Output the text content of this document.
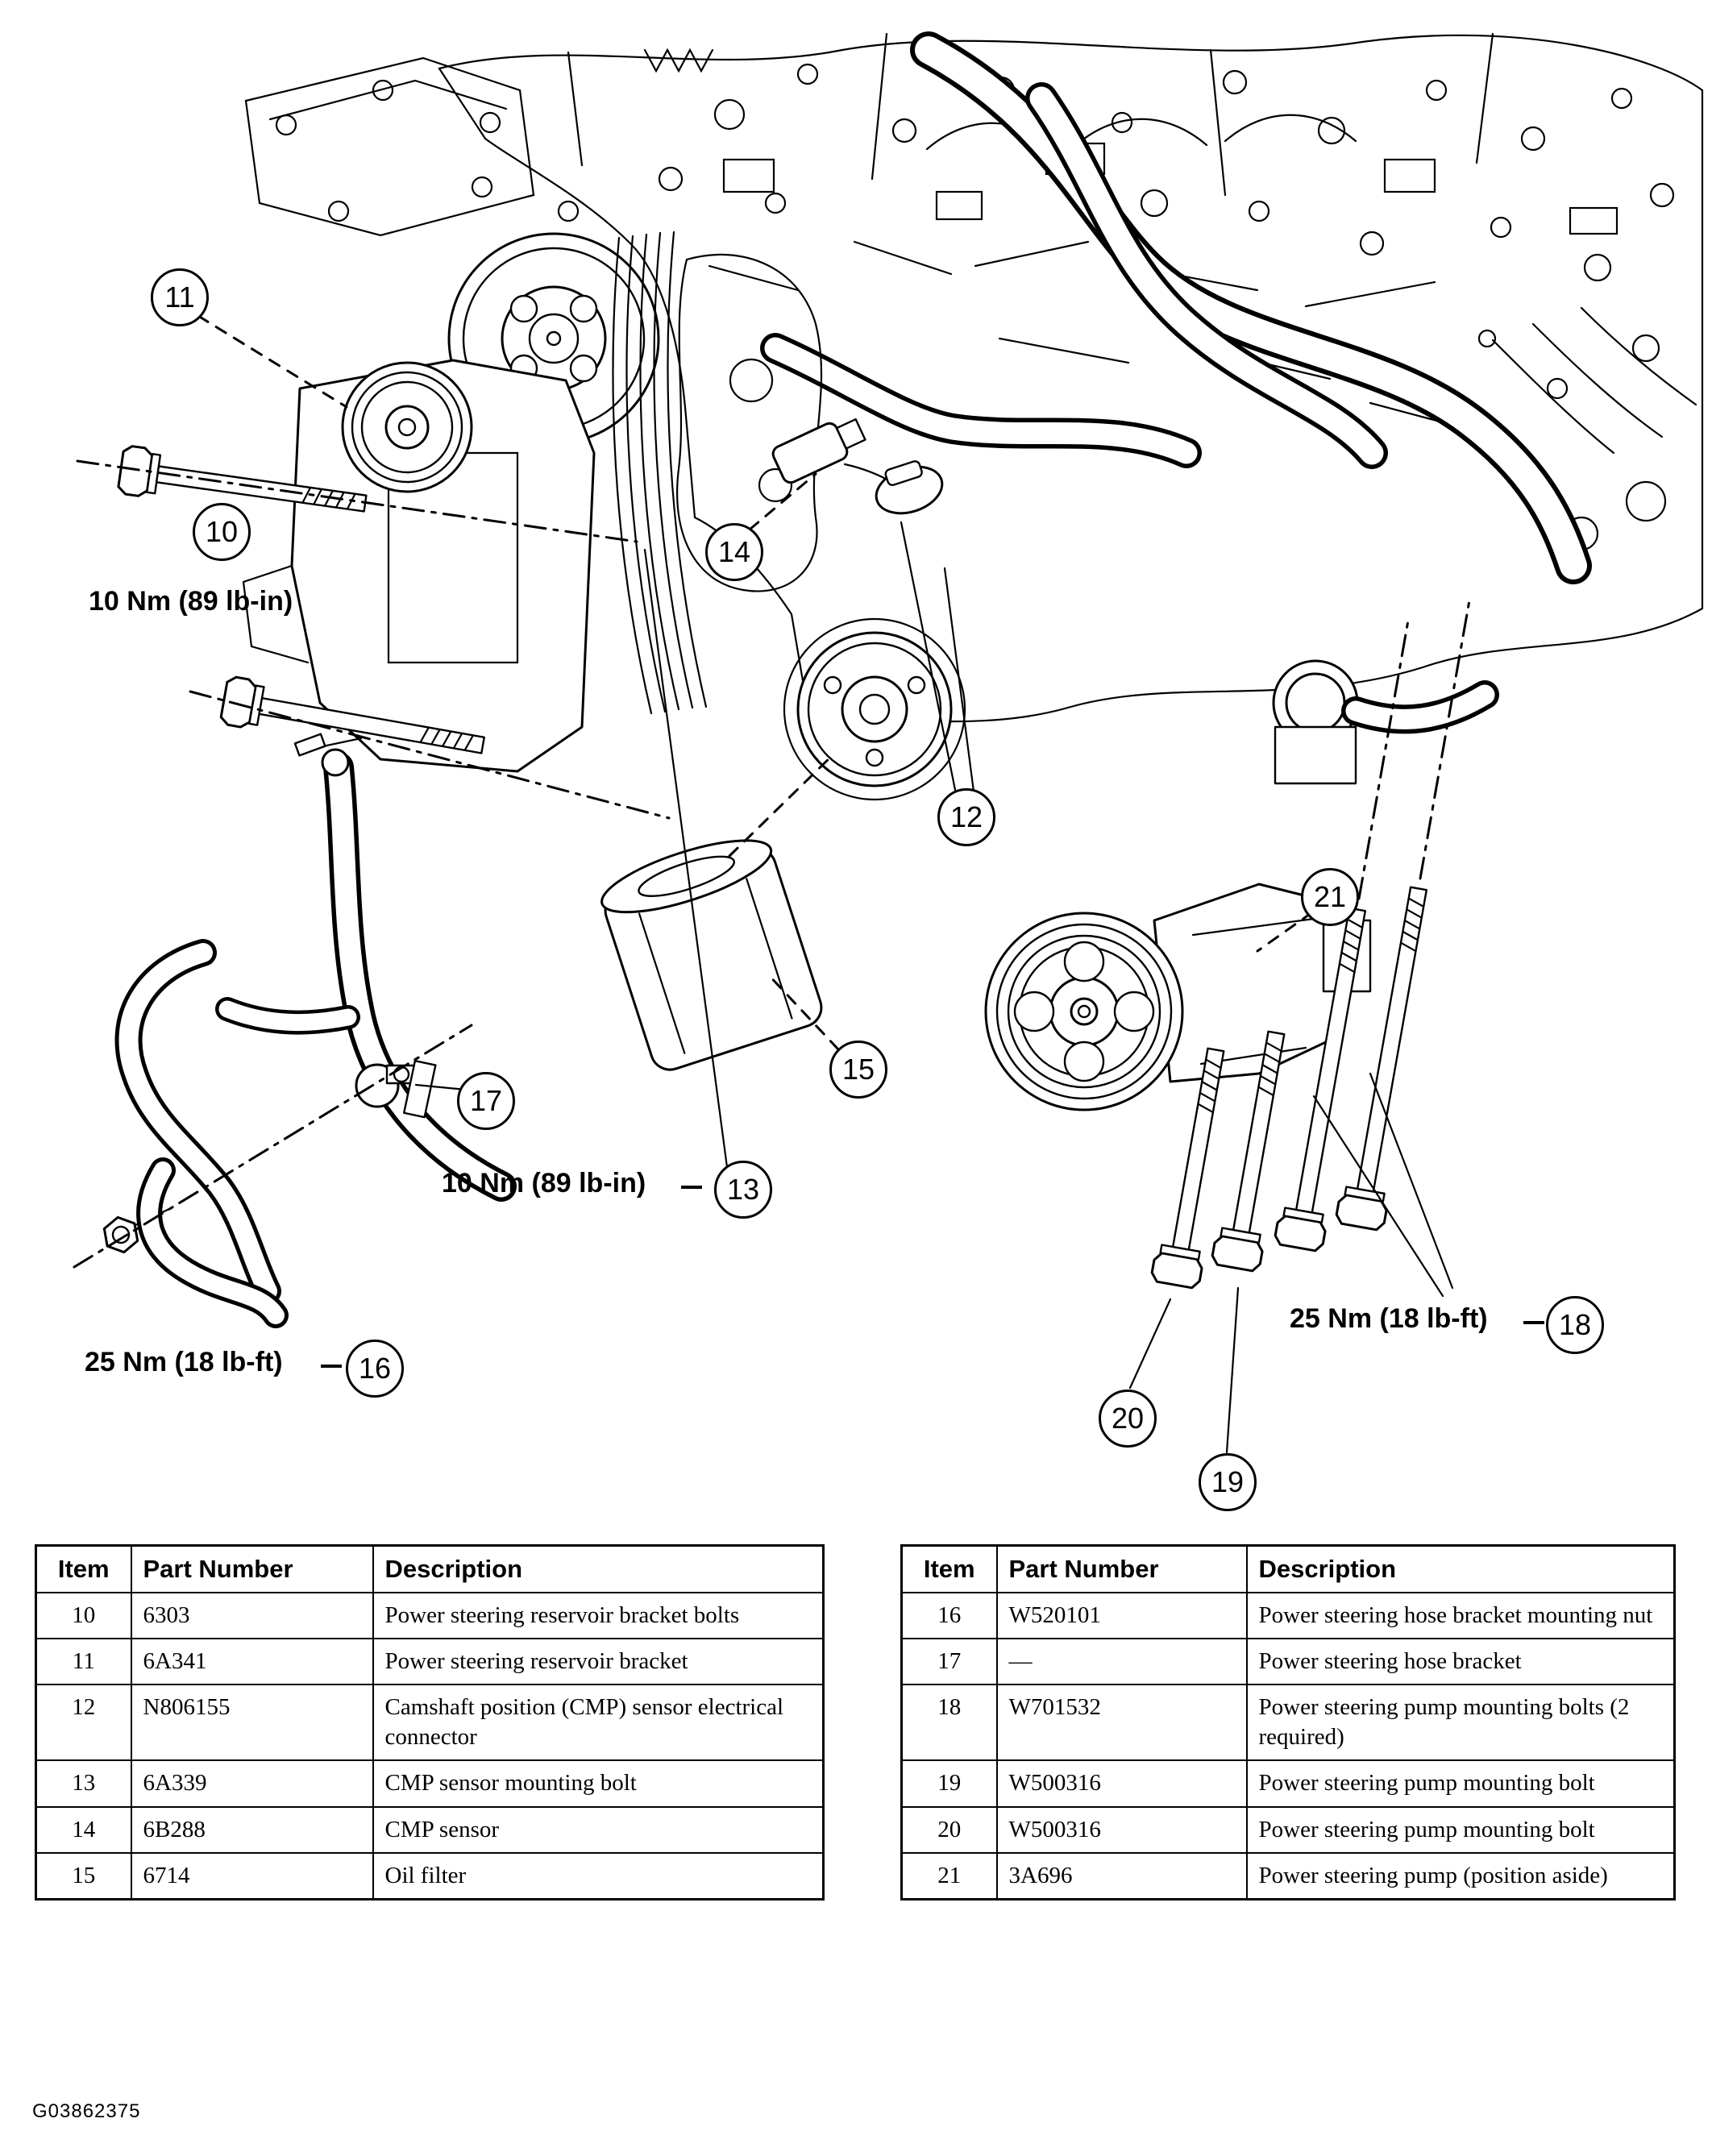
11
10
14
12
15
17
13
16
21
18
20
19
10 Nm (89 lb-in)
10 Nm (89 lb-in)
25 Nm (18 lb-ft)
25 Nm (18 lb-ft)
Item	Part Number	Description
10	6303	Power steering reservoir bracket bolts
11	6A341	Power steering reservoir bracket
12	N806155	Camshaft position (CMP) sensor electrical connector
13	6A339	CMP sensor mounting bolt
14	6B288	CMP sensor
15	6714	Oil filter
Item	Part Number	Description
16	W520101	Power steering hose bracket mounting nut
17	—	Power steering hose bracket
18	W701532	Power steering pump mounting bolts (2 required)
19	W500316	Power steering pump mounting bolt
20	W500316	Power steering pump mounting bolt
21	3A696	Power steering pump (position aside)
G03862375
